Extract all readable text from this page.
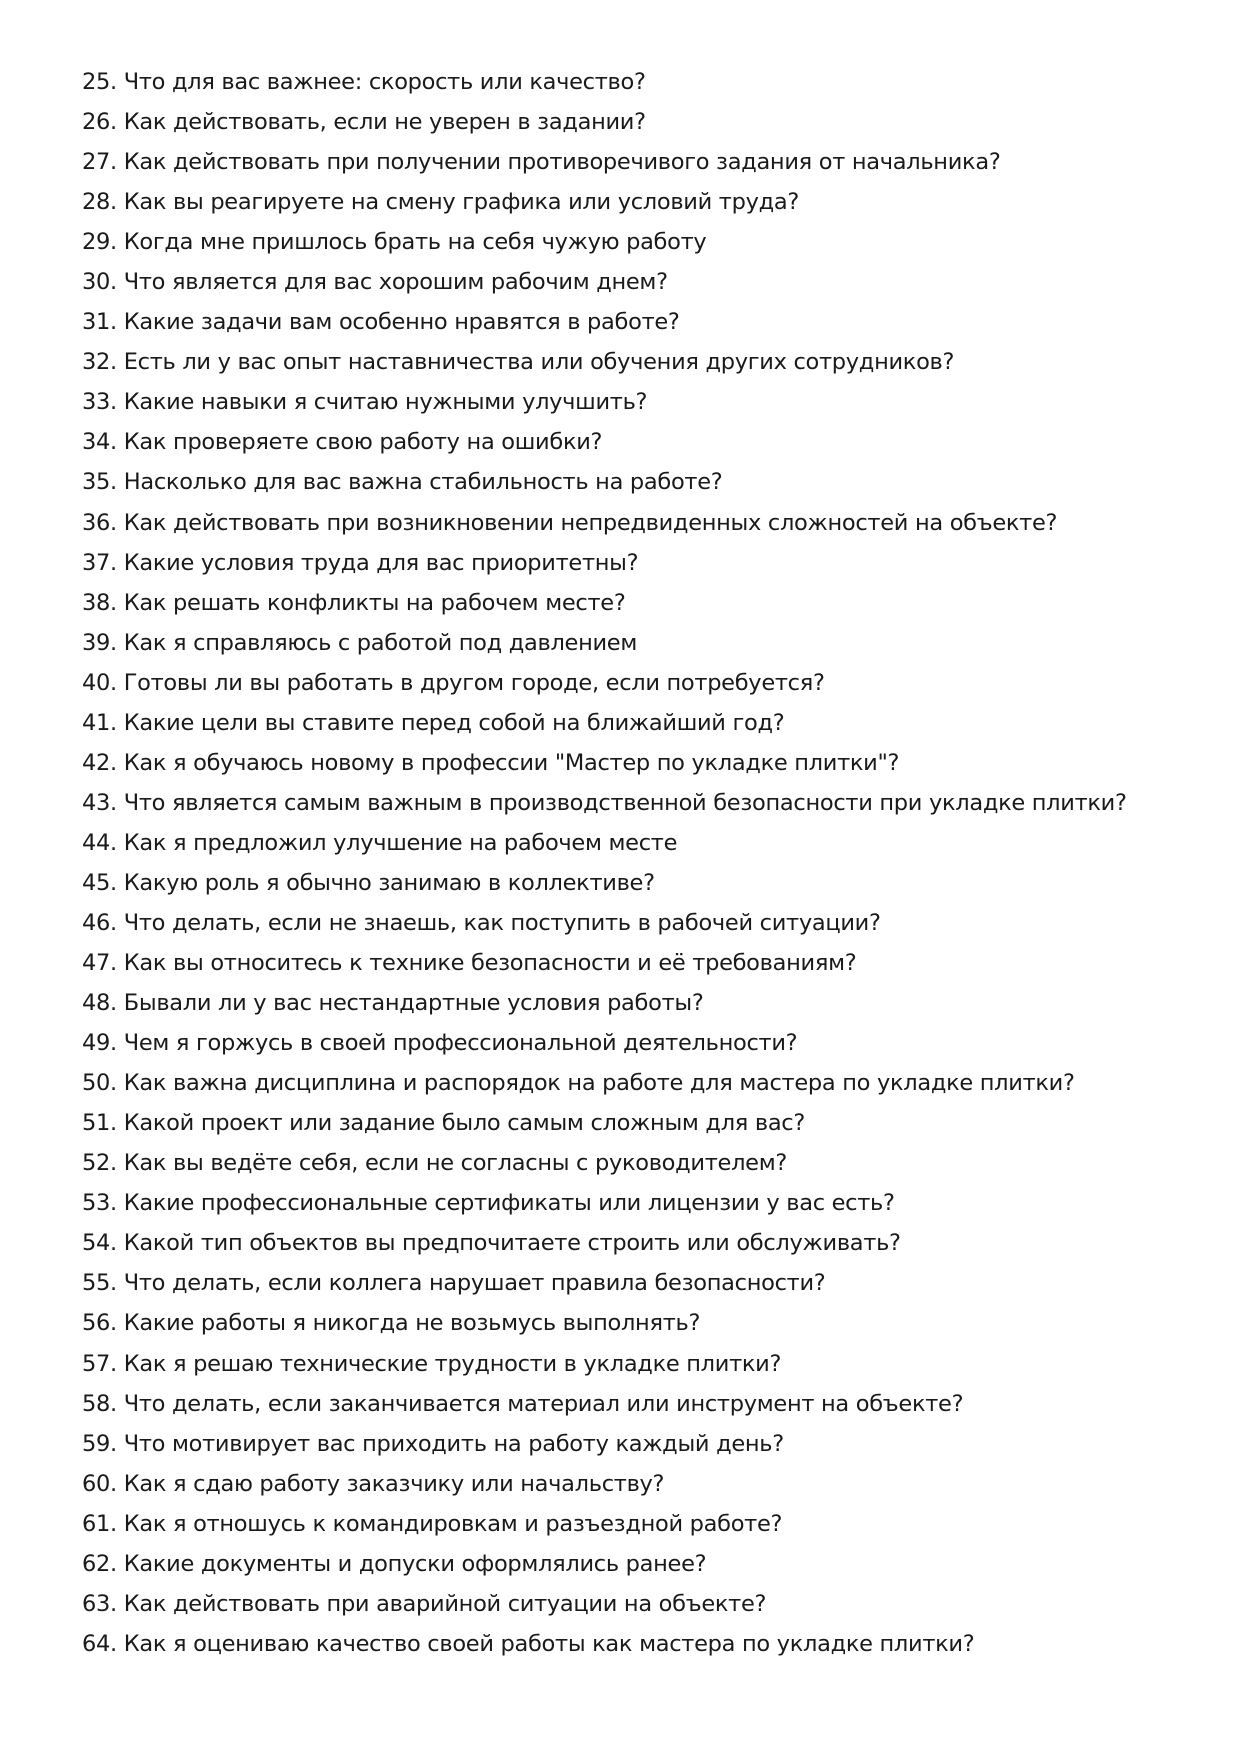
25. Что для вас важнее: скорость или качество?
26. Как действовать, если не уверен в задании?
27. Как действовать при получении противоречивого задания от начальника?
28. Как вы реагируете на смену графика или условий труда?
29. Когда мне пришлось брать на себя чужую работу
30. Что является для вас хорошим рабочим днем?
31. Какие задачи вам особенно нравятся в работе?
32. Есть ли у вас опыт наставничества или обучения других сотрудников?
33. Какие навыки я считаю нужными улучшить?
34. Как проверяете свою работу на ошибки?
35. Насколько для вас важна стабильность на работе?
36. Как действовать при возникновении непредвиденных сложностей на объекте?
37. Какие условия труда для вас приоритетны?
38. Как решать конфликты на рабочем месте?
39. Как я справляюсь с работой под давлением
40. Готовы ли вы работать в другом городе, если потребуется?
41. Какие цели вы ставите перед собой на ближайший год?
42. Как я обучаюсь новому в профессии "Мастер по укладке плитки"?
43. Что является самым важным в производственной безопасности при укладке плитки?
44. Как я предложил улучшение на рабочем месте
45. Какую роль я обычно занимаю в коллективе?
46. Что делать, если не знаешь, как поступить в рабочей ситуации?
47. Как вы относитесь к технике безопасности и её требованиям?
48. Бывали ли у вас нестандартные условия работы?
49. Чем я горжусь в своей профессиональной деятельности?
50. Как важна дисциплина и распорядок на работе для мастера по укладке плитки?
51. Какой проект или задание было самым сложным для вас?
52. Как вы ведёте себя, если не согласны с руководителем?
53. Какие профессиональные сертификаты или лицензии у вас есть?
54. Какой тип объектов вы предпочитаете строить или обслуживать?
55. Что делать, если коллега нарушает правила безопасности?
56. Какие работы я никогда не возьмусь выполнять?
57. Как я решаю технические трудности в укладке плитки?
58. Что делать, если заканчивается материал или инструмент на объекте?
59. Что мотивирует вас приходить на работу каждый день?
60. Как я сдаю работу заказчику или начальству?
61. Как я отношусь к командировкам и разъездной работе?
62. Какие документы и допуски оформлялись ранее?
63. Как действовать при аварийной ситуации на объекте?
64. Как я оцениваю качество своей работы как мастера по укладке плитки?
